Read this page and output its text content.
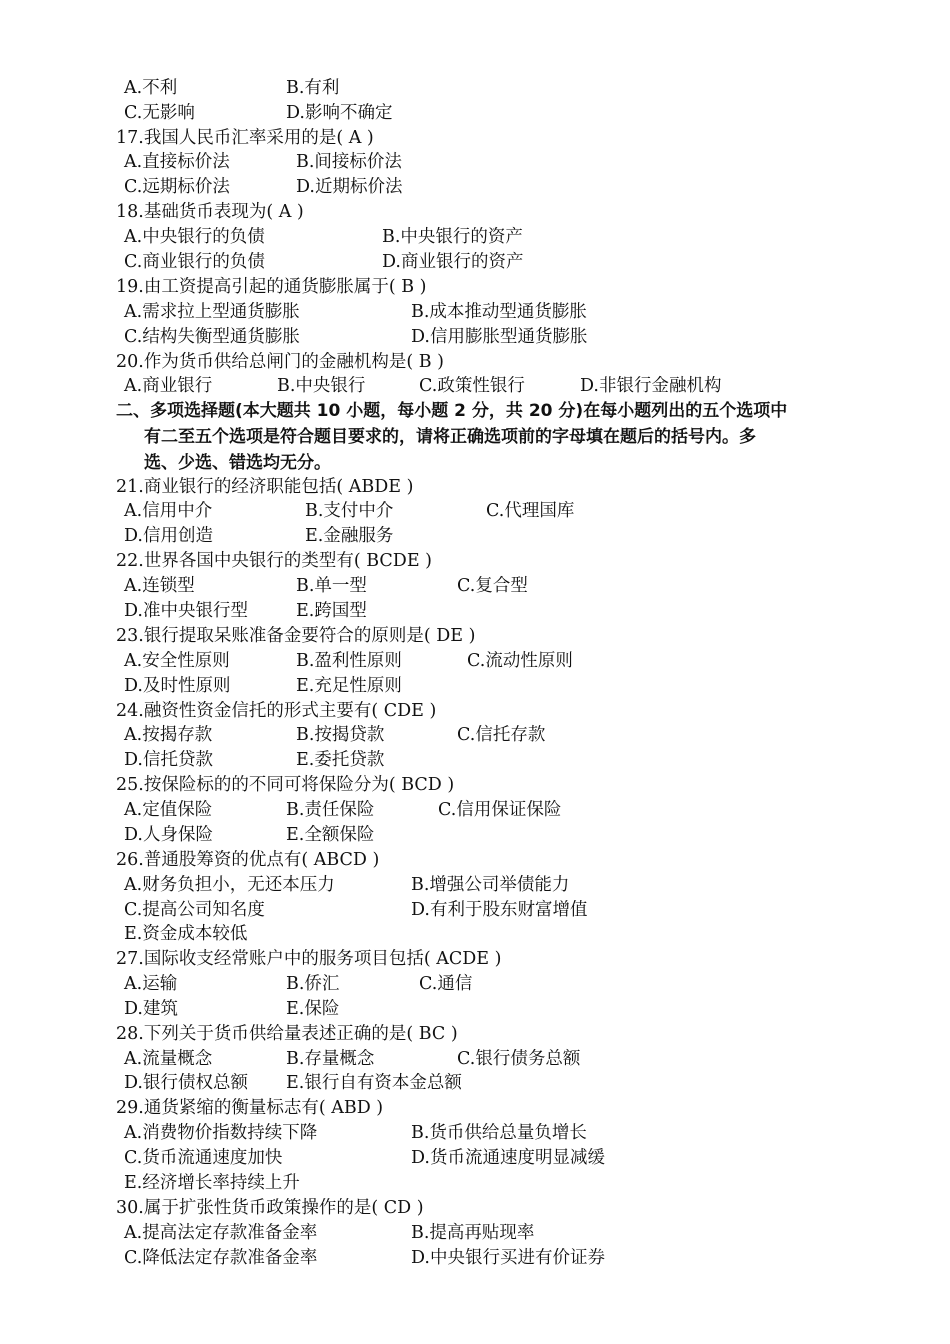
A.不利	B.有利
C.无影响	D.影响不确定
17.我国人民币汇率采用的是( A )
A.直接标价法	B.间接标价法
C.远期标价法	D.近期标价法
18.基础货币表现为( A )
A.中央银行的负债	B.中央银行的资产
C.商业银行的负债	D.商业银行的资产
19.由工资提高引起的通货膨胀属于( B )
A.需求拉上型通货膨胀	B.成本推动型通货膨胀
C.结构失衡型通货膨胀	D.信用膨胀型通货膨胀
20.作为货币供给总闸门的金融机构是( B )
A.商业银行	B.中央银行	C.政策性银行	D.非银行金融机构
二、多项选择题(本大题共 10 小题，每小题 2 分，共 20 分)在每小题列出的五个选项中
有二至五个选项是符合题目要求的，请将正确选项前的字母填在题后的括号内。多
选、少选、错选均无分。
21.商业银行的经济职能包括( ABDE )
A.信用中介	B.支付中介	C.代理国库
D.信用创造	E.金融服务
22.世界各国中央银行的类型有( BCDE )
A.连锁型	B.单一型	C.复合型
D.准中央银行型	E.跨国型
23.银行提取呆账准备金要符合的原则是( DE )
A.安全性原则	B.盈利性原则	C.流动性原则
D.及时性原则	E.充足性原则
24.融资性资金信托的形式主要有( CDE )
A.按揭存款	B.按揭贷款	C.信托存款
D.信托贷款	E.委托贷款
25.按保险标的的不同可将保险分为( BCD )
A.定值保险	B.责任保险	C.信用保证保险
D.人身保险	E.全额保险
26.普通股筹资的优点有( ABCD )
A.财务负担小，无还本压力	B.增强公司举债能力
C.提高公司知名度	D.有利于股东财富增值
E.资金成本较低
27.国际收支经常账户中的服务项目包括( ACDE )
A.运输	B.侨汇	C.通信
D.建筑	E.保险
28.下列关于货币供给量表述正确的是( BC )
A.流量概念	B.存量概念	C.银行债务总额
D.银行债权总额 E.银行自有资本金总额
29.通货紧缩的衡量标志有( ABD )
A.消费物价指数持续下降	B.货币供给总量负增长
C.货币流通速度加快	D.货币流通速度明显减缓
E.经济增长率持续上升
30.属于扩张性货币政策操作的是( CD )
A.提高法定存款准备金率	B.提高再贴现率
C.降低法定存款准备金率	D.中央银行买进有价证券
